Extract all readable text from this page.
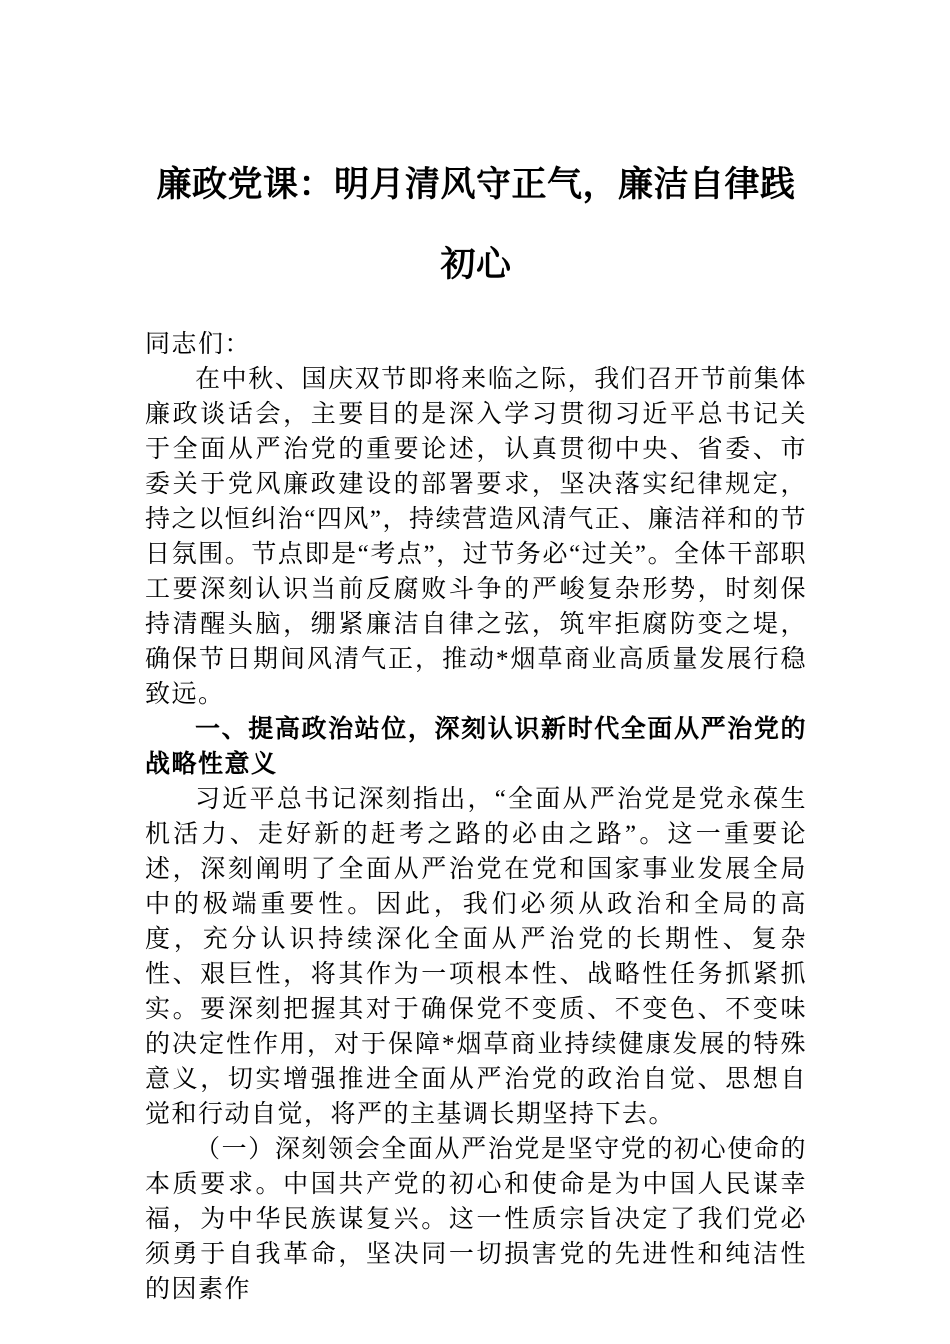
廉政党课：明月清风守正气，廉洁自律践初心

同志们：

在中秋、国庆双节即将来临之际，我们召开节前集体廉政谈话会，主要目的是深入学习贯彻习近平总书记关于全面从严治党的重要论述，认真贯彻中央、省委、市委关于党风廉政建设的部署要求，坚决落实纪律规定，持之以恒纠治“四风”，持续营造风清气正、廉洁祥和的节日氛围。节点即是“考点”，过节务必“过关”。全体干部职工要深刻认识当前反腐败斗争的严峻复杂形势，时刻保持清醒头脑，绷紧廉洁自律之弦，筑牢拒腐防变之堤，确保节日期间风清气正，推动*烟草商业高质量发展行稳致远。

一、提高政治站位，深刻认识新时代全面从严治党的战略性意义

习近平总书记深刻指出，“全面从严治党是党永葆生机活力、走好新的赶考之路的必由之路”。这一重要论述，深刻阐明了全面从严治党在党和国家事业发展全局中的极端重要性。因此，我们必须从政治和全局的高度，充分认识持续深化全面从严治党的长期性、复杂性、艰巨性，将其作为一项根本性、战略性任务抓紧抓实。要深刻把握其对于确保党不变质、不变色、不变味的决定性作用，对于保障*烟草商业持续健康发展的特殊意义，切实增强推进全面从严治党的政治自觉、思想自觉和行动自觉，将严的主基调长期坚持下去。

（一）深刻领会全面从严治党是坚守党的初心使命的本质要求。中国共产党的初心和使命是为中国人民谋幸福，为中华民族谋复兴。这一性质宗旨决定了我们党必须勇于自我革命，坚决同一切损害党的先进性和纯洁性的因素作
